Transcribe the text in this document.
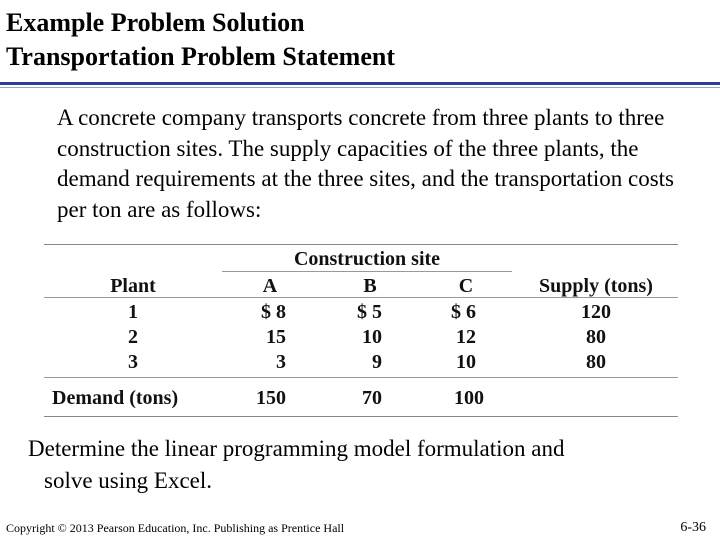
Example Problem Solution
Transportation Problem Statement
A concrete company transports concrete from three plants to three construction sites. The supply capacities of the three plants, the demand requirements at the three sites, and the transportation costs per ton are as follows:
Construction site
Plant	A	B	C	Supply (tons)
1	$ 8	$ 5	$ 6	120
2	15	10	12	80
3	3	9	10	80
Demand (tons)	150	70	100
Determine the linear programming model formulation and
solve using Excel.
Copyright © 2013 Pearson Education, Inc. Publishing as Prentice Hall	6-36
